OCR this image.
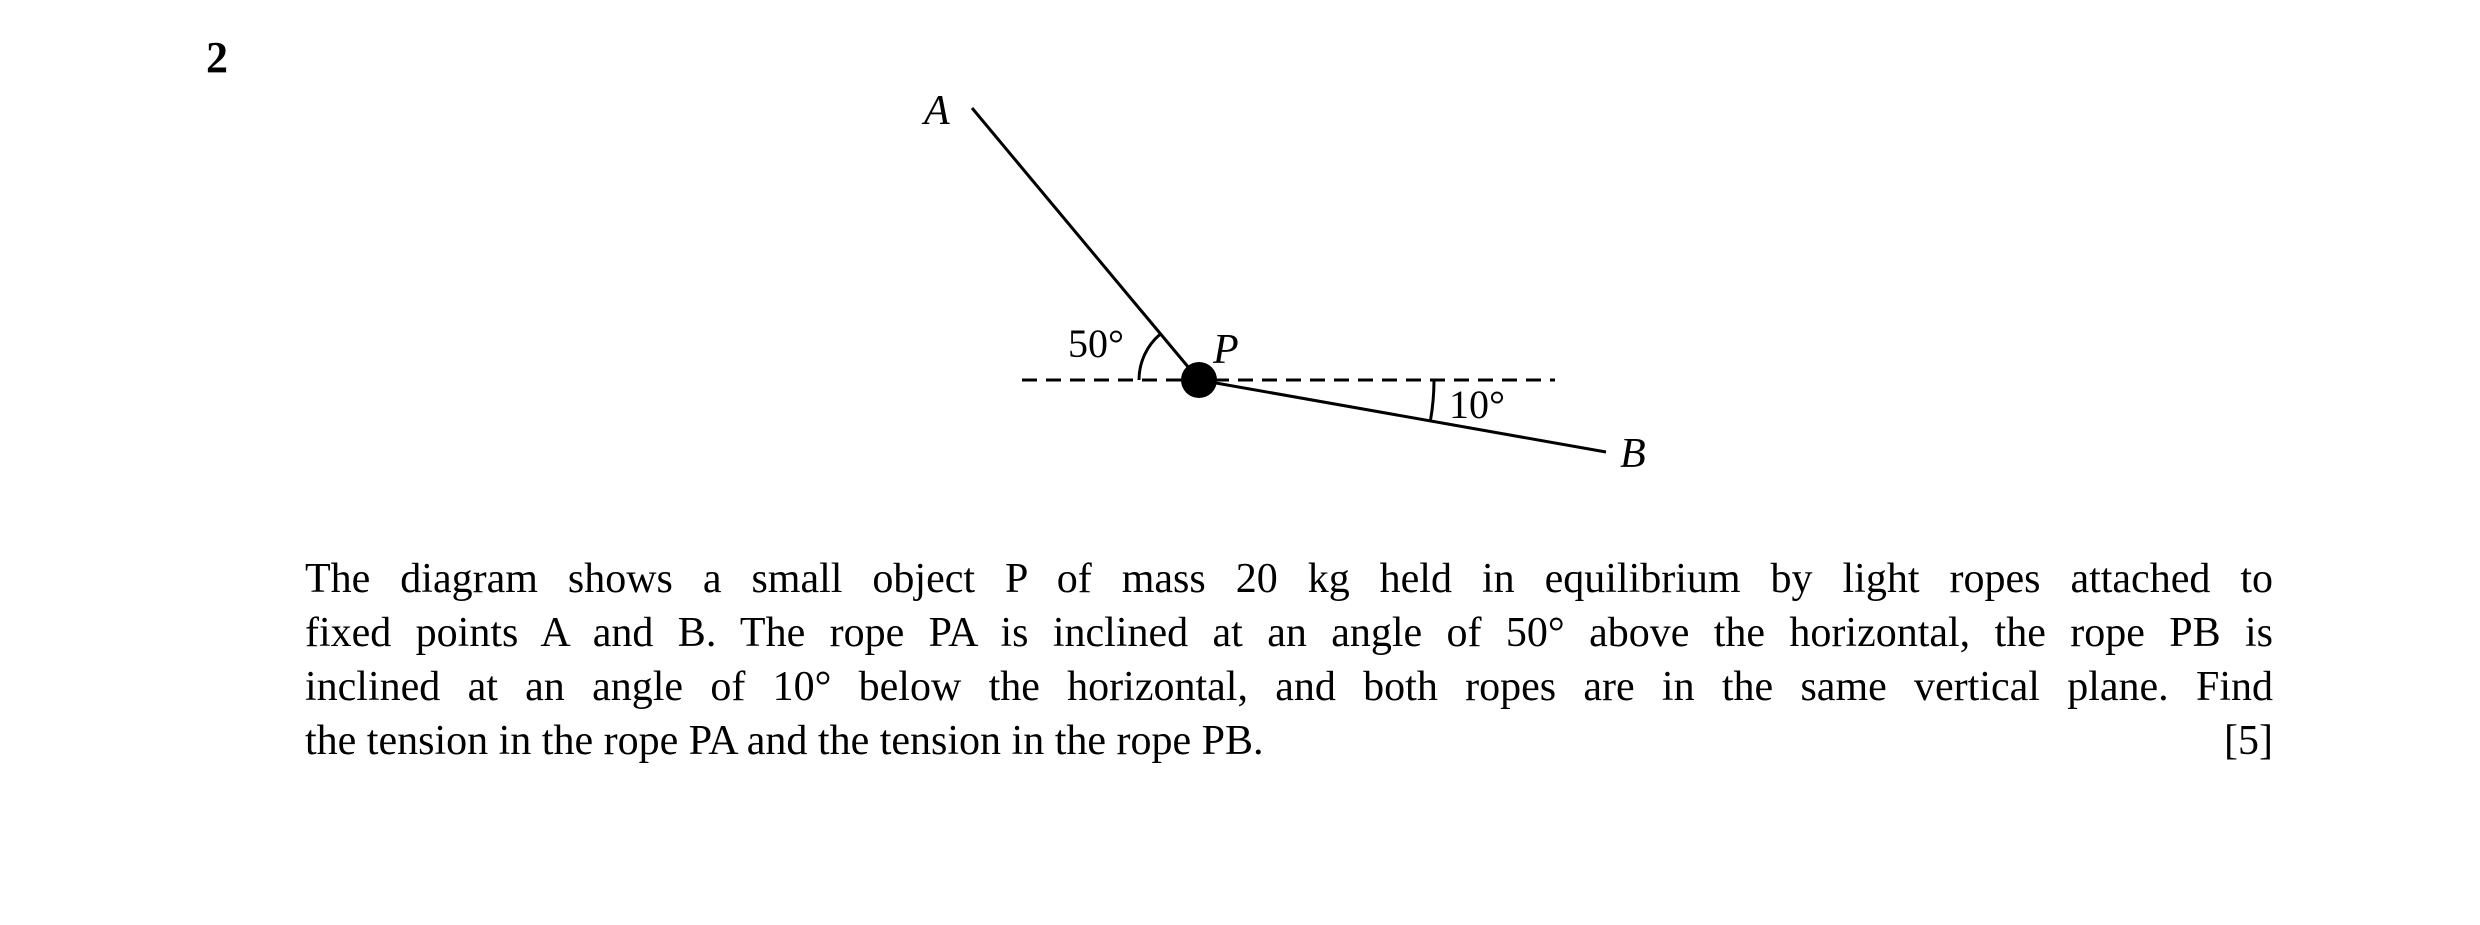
2
A
P
B
50°
10°
The diagram shows a small object P of mass 20 kg held in equilibrium by light ropes attached to
fixed points A and B. The rope PA is inclined at an angle of 50° above the horizontal, the rope PB is
inclined at an angle of 10° below the horizontal, and both ropes are in the same vertical plane. Find
the tension in the rope PA and the tension in the rope PB.	[5]
